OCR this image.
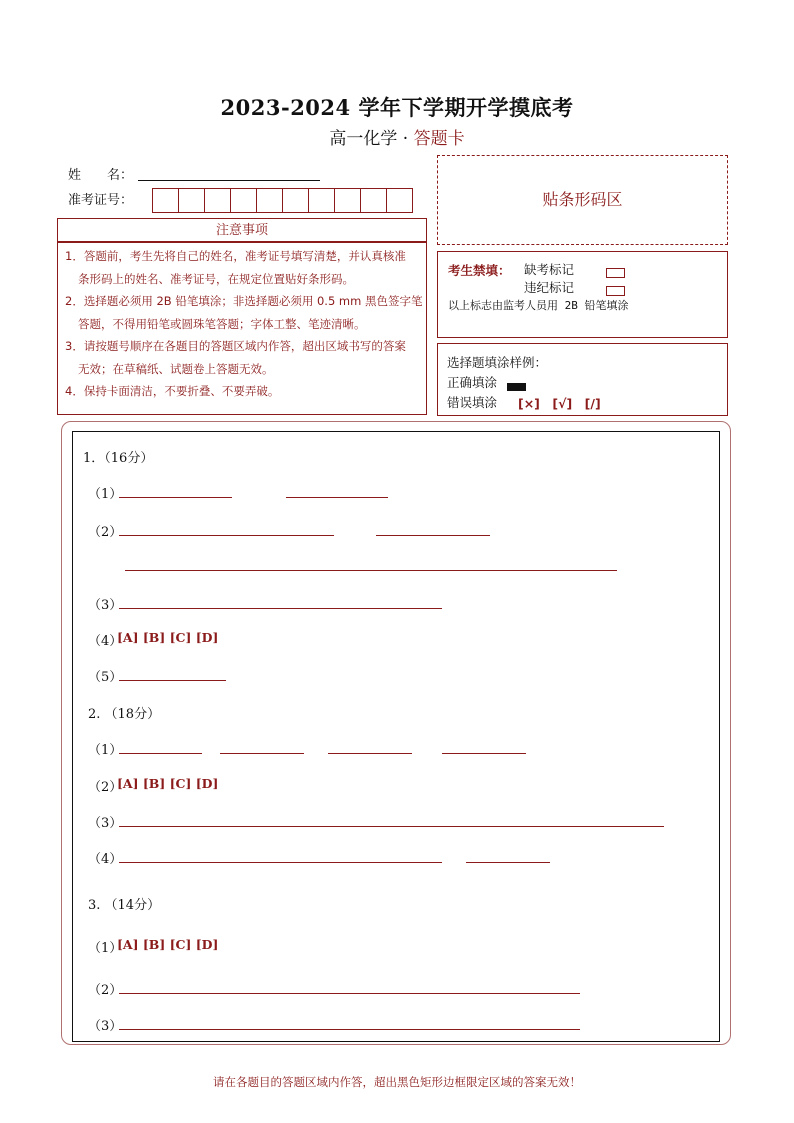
2023-2024 学年下学期开学摸底考
高一化学 · 答题卡
姓　　名：
准考证号：	贴条形码区
注意事项
1．答题前，考生先将自己的姓名，准考证号填写清楚，并认真核准
条形码上的姓名、准考证号，在规定位置贴好条形码。
2．选择题必须用 2B 铅笔填涂；非选择题必须用 0.5 mm 黑色签字笔
答题，不得用铅笔或圆珠笔答题；字体工整、笔迹清晰。
3．请按题号顺序在各题目的答题区域内作答，超出区域书写的答案
无效；在草稿纸、试题卷上答题无效。
4．保持卡面清洁，不要折叠、不要弄破。
考生禁填： 缺考标记
违纪标记
以上标志由监考人员用 2B 铅笔填涂
选择题填涂样例：
正确填涂
错误填涂 [×]　[√]　[/]
1．（16分）
（1）
（2）
（3）
（4）
[A] [B] [C] [D]
（5）
2. （18分）
（1）
（2）
[A] [B] [C] [D]
（3）
（4）
3. （14分）
（1）
[A] [B] [C] [D]
（2）
（3）
请在各题目的答题区域内作答，超出黑色矩形边框限定区域的答案无效！
